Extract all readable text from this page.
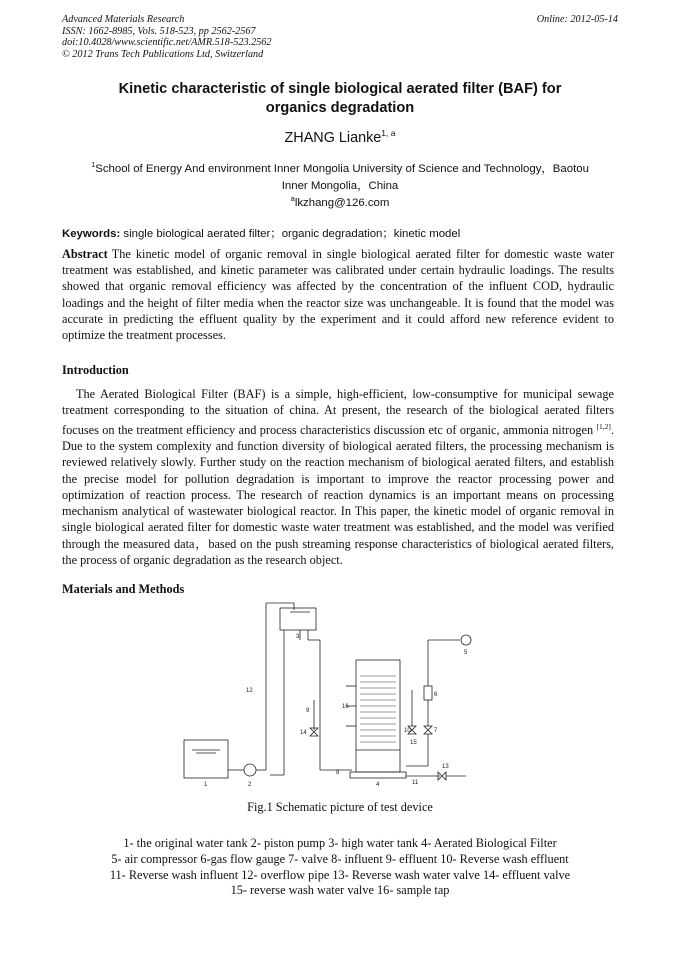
Advanced Materials Research
ISSN: 1662-8985, Vols. 518-523, pp 2562-2567
doi:10.4028/www.scientific.net/AMR.518-523.2562
© 2012 Trans Tech Publications Ltd, Switzerland
Online: 2012-05-14
Kinetic characteristic of single biological aerated filter (BAF) for
organics degradation
ZHANG Lianke$^{1, a}$
$^1$School of Energy And environment Inner Mongolia University of Science and Technology，Baotou
Inner Mongolia，China
$^a$lkzhang@126.com
Keywords: single biological aerated filter；organic degradation；kinetic model
Abstract The kinetic model of organic removal in single biological aerated filter for domestic waste water treatment was established, and kinetic parameter was calibrated under certain hydraulic loadings. The results showed that organic removal efficiency was affected by the concentration of the influent COD, hydraulic loadings and the height of filter media when the reactor size was unchangeable. It is found that the model was accurate in predicting the effluent quality by the experiment and it could afford new reference evident to optimize the treatment processes.
Introduction
The Aerated Biological Filter (BAF) is a simple, high-efficient, low-consumptive for municipal sewage treatment corresponding to the situation of china. At present, the research of the biological aerated filters focuses on the treatment efficiency and process characteristics discussion etc of organic, ammonia nitrogen [1,2]. Due to the system complexity and function diversity of biological aerated filters, the processing mechanism is reviewed relatively slowly. Further study on the reaction mechanism of biological aerated filters, and establish the precise model for pollution degradation is important to improve the reactor processing power and optimization of reaction process. The research of reaction dynamics is an important means on processing mechanism analytical of wastewater biological reactor. In This paper, the kinetic model of organic removal in single biological aerated filter for domestic waste water treatment was established, and the model was verified through the measured data，based on the push streaming response characteristics of biological aerated filters, the process of organic degradation as the research object.
Materials and Methods
1	2
3
4
5
6
7
8
9
10
11
12
13
14
15
16
Fig.1 Schematic picture of test device
1- the original water tank 2- piston pump 3- high water tank 4- Aerated Biological Filter
5- air compressor 6-gas flow gauge 7- valve 8- influent 9- effluent 10- Reverse wash effluent
11- Reverse wash influent 12- overflow pipe 13- Reverse wash water valve 14- effluent valve
15- reverse wash water valve 16- sample tap
